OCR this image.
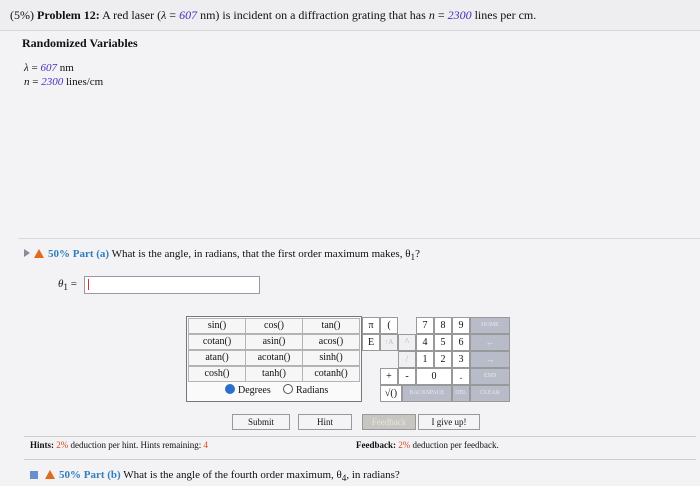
(5%) Problem 12: A red laser (λ = 607 nm) is incident on a diffraction grating that has n = 2300 lines per cm.
Randomized Variables
λ = 607 nm
n = 2300 lines/cm
50% Part (a) What is the angle, in radians, that the first order maximum makes, $\theta_1$?
$\theta_1$ =
sin()	cos()	tan()
cotan()	asin()	acos()
atan()	acotan()	sinh()
cosh()	tanh()	cotanh()
Degrees	Radians
π	(
E	↑A	^
/
+	-
√()
7	8	9
4	5	6
1	2	3
0	.
HOME
←
→
END
BACKSPACE	DEL	CLEAR
Submit	Hint	Feedback	I give up!
Hints: 2% deduction per hint. Hints remaining: 4	Feedback: 2% deduction per feedback.
50% Part (b) What is the angle of the fourth order maximum, $\theta_4$, in radians?
